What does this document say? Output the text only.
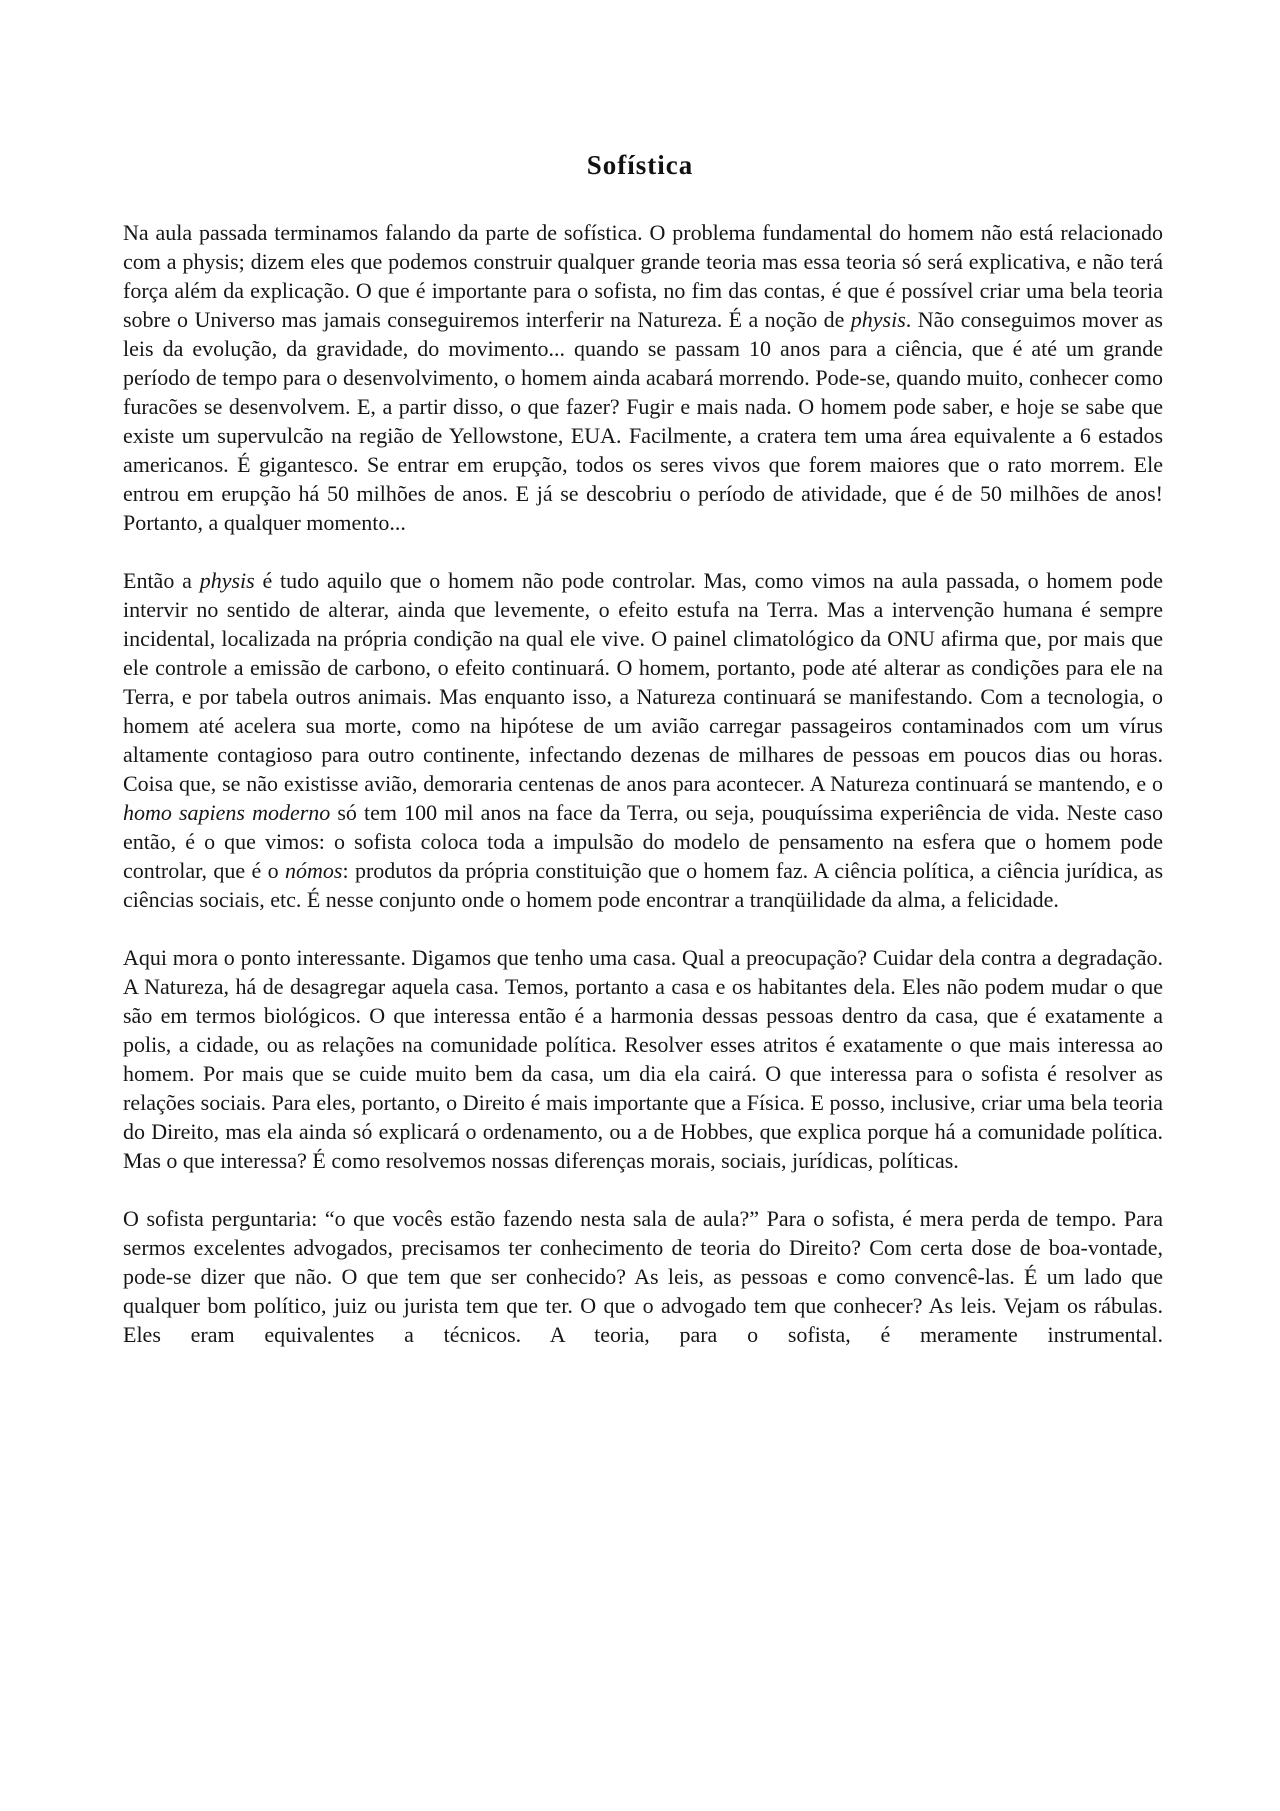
Sofística

Na aula passada terminamos falando da parte de sofística. O problema fundamental do homem não está relacionado com a physis; dizem eles que podemos construir qualquer grande teoria mas essa teoria só será explicativa, e não terá força além da explicação. O que é importante para o sofista, no fim das contas, é que é possível criar uma bela teoria sobre o Universo mas jamais conseguiremos interferir na Natureza. É a noção de physis. Não conseguimos mover as leis da evolução, da gravidade, do movimento... quando se passam 10 anos para a ciência, que é até um grande período de tempo para o desenvolvimento, o homem ainda acabará morrendo. Pode-se, quando muito, conhecer como furacões se desenvolvem. E, a partir disso, o que fazer? Fugir e mais nada. O homem pode saber, e hoje se sabe que existe um supervulcão na região de Yellowstone, EUA. Facilmente, a cratera tem uma área equivalente a 6 estados americanos. É gigantesco. Se entrar em erupção, todos os seres vivos que forem maiores que o rato morrem. Ele entrou em erupção há 50 milhões de anos. E já se descobriu o período de atividade, que é de 50 milhões de anos! Portanto, a qualquer momento...

Então a physis é tudo aquilo que o homem não pode controlar. Mas, como vimos na aula passada, o homem pode intervir no sentido de alterar, ainda que levemente, o efeito estufa na Terra. Mas a intervenção humana é sempre incidental, localizada na própria condição na qual ele vive. O painel climatológico da ONU afirma que, por mais que ele controle a emissão de carbono, o efeito continuará. O homem, portanto, pode até alterar as condições para ele na Terra, e por tabela outros animais. Mas enquanto isso, a Natureza continuará se manifestando. Com a tecnologia, o homem até acelera sua morte, como na hipótese de um avião carregar passageiros contaminados com um vírus altamente contagioso para outro continente, infectando dezenas de milhares de pessoas em poucos dias ou horas. Coisa que, se não existisse avião, demoraria centenas de anos para acontecer. A Natureza continuará se mantendo, e o homo sapiens moderno só tem 100 mil anos na face da Terra, ou seja, pouquíssima experiência de vida. Neste caso então, é o que vimos: o sofista coloca toda a impulsão do modelo de pensamento na esfera que o homem pode controlar, que é o nómos: produtos da própria constituição que o homem faz. A ciência política, a ciência jurídica, as ciências sociais, etc. É nesse conjunto onde o homem pode encontrar a tranqüilidade da alma, a felicidade.

Aqui mora o ponto interessante. Digamos que tenho uma casa. Qual a preocupação? Cuidar dela contra a degradação. A Natureza, há de desagregar aquela casa. Temos, portanto a casa e os habitantes dela. Eles não podem mudar o que são em termos biológicos. O que interessa então é a harmonia dessas pessoas dentro da casa, que é exatamente a polis, a cidade, ou as relações na comunidade política. Resolver esses atritos é exatamente o que mais interessa ao homem. Por mais que se cuide muito bem da casa, um dia ela cairá. O que interessa para o sofista é resolver as relações sociais. Para eles, portanto, o Direito é mais importante que a Física. E posso, inclusive, criar uma bela teoria do Direito, mas ela ainda só explicará o ordenamento, ou a de Hobbes, que explica porque há a comunidade política. Mas o que interessa? É como resolvemos nossas diferenças morais, sociais, jurídicas, políticas.

O sofista perguntaria: “o que vocês estão fazendo nesta sala de aula?” Para o sofista, é mera perda de tempo. Para sermos excelentes advogados, precisamos ter conhecimento de teoria do Direito? Com certa dose de boa-vontade, pode-se dizer que não. O que tem que ser conhecido? As leis, as pessoas e como convencê-las. É um lado que qualquer bom político, juiz ou jurista tem que ter. O que o advogado tem que conhecer? As leis. Vejam os rábulas. Eles eram equivalentes a técnicos. A teoria, para o sofista, é meramente instrumental.
